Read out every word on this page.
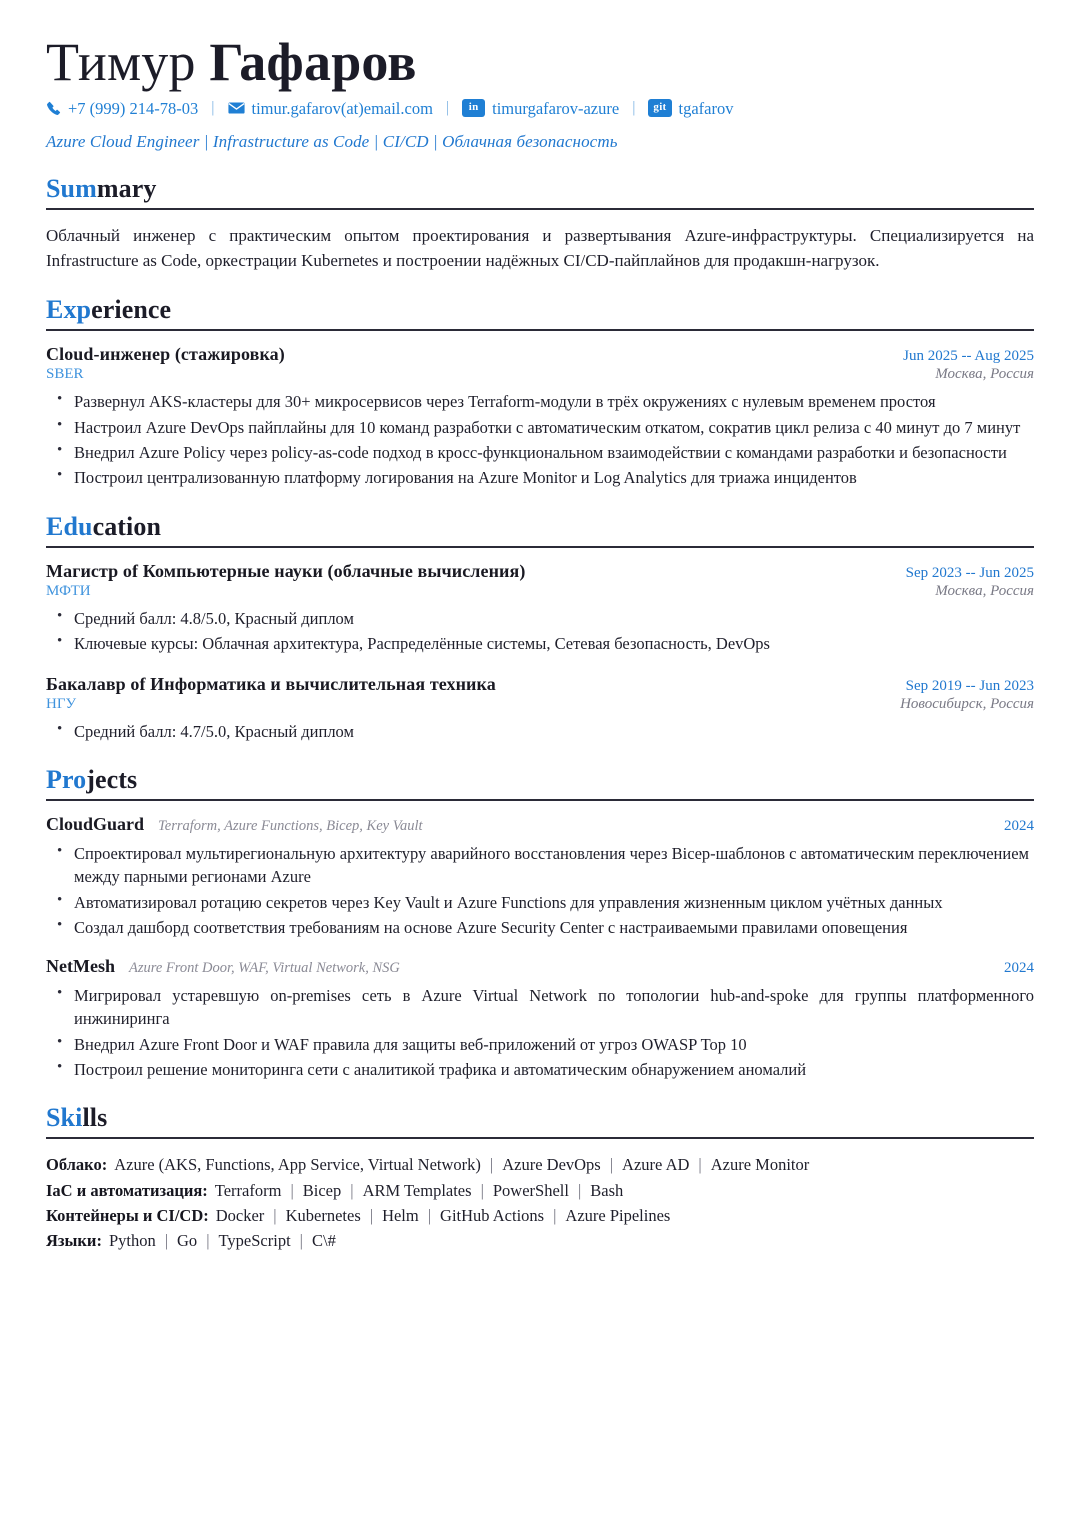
Тимур Гафаров
+7 (999) 214-78-03 |	timur.gafarov(at)email.com |	in timurgafarov-azure |	git tgafarov
Azure Cloud Engineer | Infrastructure as Code | CI/CD | Облачная безопасность
Summary

Облачный инженер с практическим опытом проектирования и развертывания Azure-инфраструктуры. Специализируется на Infrastructure as Code, оркестрации Kubernetes и построении надёжных CI/CD-пайплайнов для продакшн-нагрузок.

Experience
Cloud-инженер (стажировка)	Jun 2025 -- Aug 2025
SBER	Москва, Россия
• Развернул AKS-кластеры для 30+ микросервисов через Terraform-модули в трёх окружениях с нулевым временем простоя
• Настроил Azure DevOps пайплайны для 10 команд разработки с автоматическим откатом, сократив цикл релиза с 40 минут до 7 минут
• Внедрил Azure Policy через policy-as-code подход в кросс-функциональном взаимодействии с командами разработки и безопасности
• Построил централизованную платформу логирования на Azure Monitor и Log Analytics для триажа инцидентов
Education
Магистр of Компьютерные науки (облачные вычисления)	Sep 2023 -- Jun 2025
МФТИ	Москва, Россия
• Средний балл: 4.8/5.0, Красный диплом
• Ключевые курсы: Облачная архитектура, Распределённые системы, Сетевая безопасность, DevOps
Бакалавр of Информатика и вычислительная техника	Sep 2019 -- Jun 2023
НГУ	Новосибирск, Россия
• Средний балл: 4.7/5.0, Красный диплом
Projects
CloudGuard Terraform, Azure Functions, Bicep, Key Vault	2024
• Спроектировал мультирегиональную архитектуру аварийного восстановления через Bicep-шаблонов с автоматическим переключением между парными регионами Azure
• Автоматизировал ротацию секретов через Key Vault и Azure Functions для управления жизненным циклом учётных данных
• Создал дашборд соответствия требованиям на основе Azure Security Center с настраиваемыми правилами оповещения
NetMesh Azure Front Door, WAF, Virtual Network, NSG	2024
• Мигрировал устаревшую on-premises сеть в Azure Virtual Network по топологии hub-and-spoke для группы платформенного инжиниринга
• Внедрил Azure Front Door и WAF правила для защиты веб-приложений от угроз OWASP Top 10
• Построил решение мониторинга сети с аналитикой трафика и автоматическим обнаружением аномалий
Skills
Облако: Azure (AKS, Functions, App Service, Virtual Network) | Azure DevOps | Azure AD | Azure Monitor
IaC и автоматизация: Terraform | Bicep | ARM Templates | PowerShell | Bash
Контейнеры и CI/CD: Docker | Kubernetes | Helm | GitHub Actions | Azure Pipelines
Языки: Python | Go | TypeScript | C\#
